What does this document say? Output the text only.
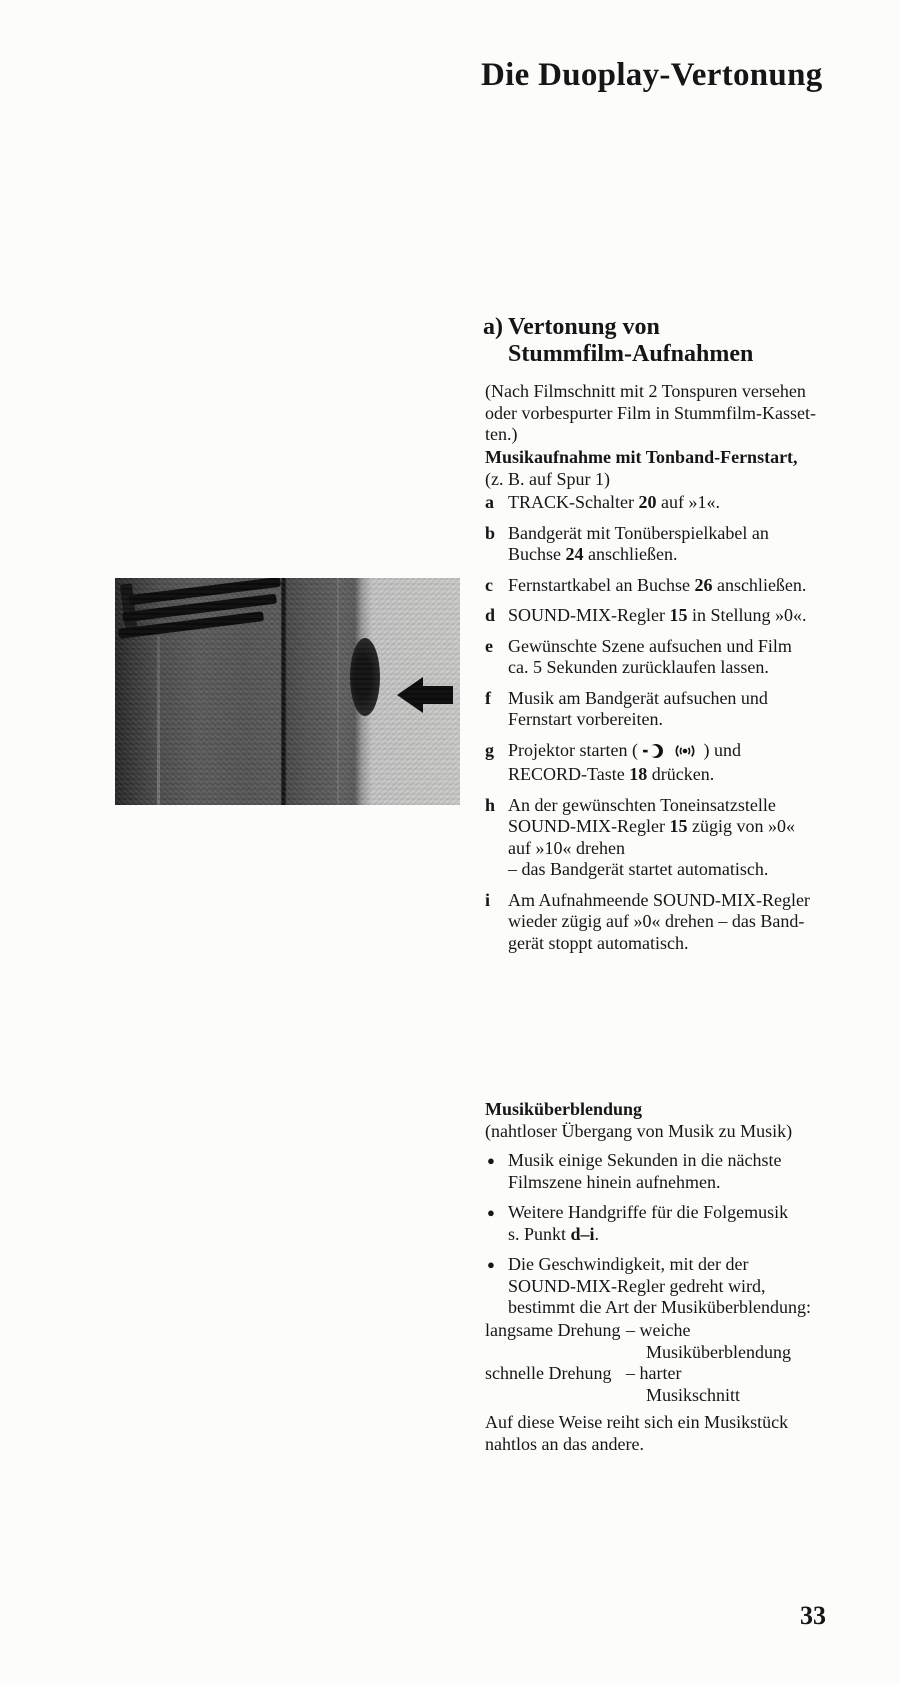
Die Duoplay-Vertonung
a) Vertonung von
Stummfilm-Aufnahmen
(Nach Filmschnitt mit 2 Tonspuren versehen
oder vorbespurter Film in Stummfilm-Kasset-
ten.)
Musikaufnahme mit Tonband-Fernstart,
(z. B. auf Spur 1)
a TRACK-Schalter 20 auf »1«.
b Bandgerät mit Tonüberspielkabel an
Buchse 24 anschließen.
c Fernstartkabel an Buchse 26 anschließen.
d SOUND-MIX-Regler 15 in Stellung »0«.
e Gewünschte Szene aufsuchen und Film
ca. 5 Sekunden zurücklaufen lassen.
f Musik am Bandgerät aufsuchen und
Fernstart vorbereiten.
g Projektor starten (	) und
RECORD-Taste 18 drücken.
h An der gewünschten Toneinsatzstelle
SOUND-MIX-Regler 15 zügig von »0«
auf »10« drehen
– das Bandgerät startet automatisch.
i Am Aufnahmeende SOUND-MIX-Regler
wieder zügig auf »0« drehen – das Band-
gerät stoppt automatisch.
Musiküberblendung
(nahtloser Übergang von Musik zu Musik)
● Musik einige Sekunden in die nächste
Filmszene hinein aufnehmen.
● Weitere Handgriffe für die Folgemusik
s. Punkt d–i.
● Die Geschwindigkeit, mit der der
SOUND-MIX-Regler gedreht wird,
bestimmt die Art der Musiküberblendung:
langsame Drehung – weiche
Musiküberblendung
schnelle Drehung – harter
Musikschnitt
Auf diese Weise reiht sich ein Musikstück
nahtlos an das andere.
33
